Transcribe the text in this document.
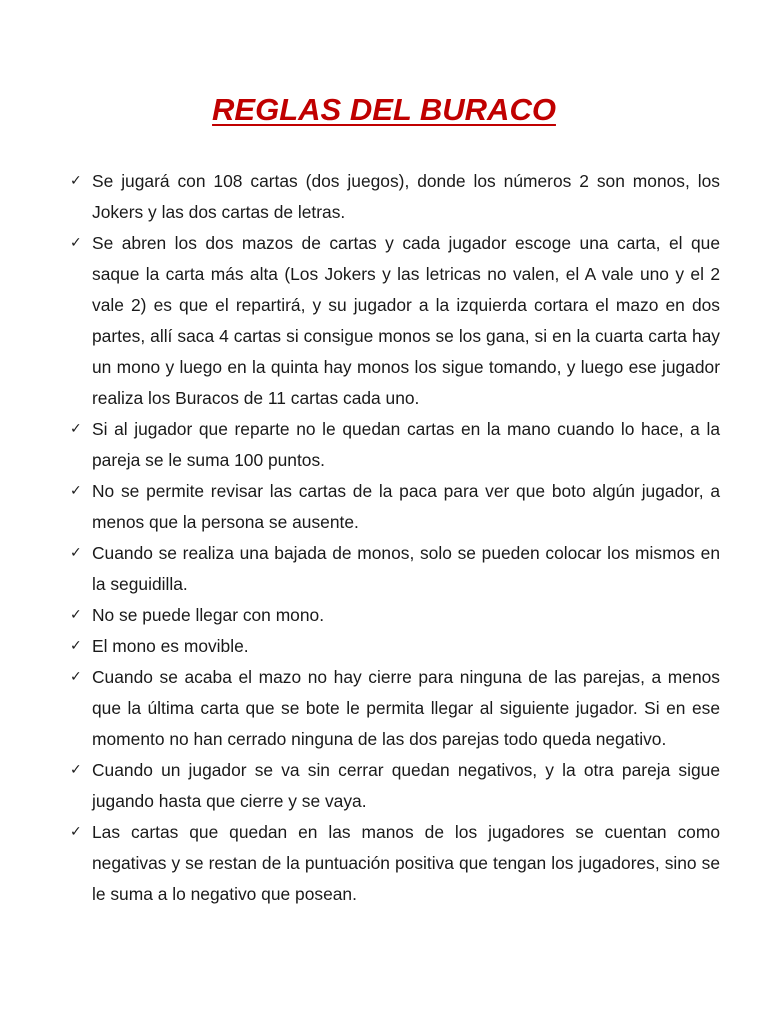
REGLAS DEL BURACO
✓ Se jugará con 108 cartas (dos juegos), donde los números 2 son monos, los Jokers y las dos cartas de letras.
✓ Se abren los dos mazos de cartas y cada jugador escoge una carta, el que saque la carta más alta (Los Jokers y las letricas no valen, el A vale uno y el 2 vale 2) es que el repartirá, y su jugador a la izquierda cortara el mazo en dos partes, allí saca 4 cartas si consigue monos se los gana, si en la cuarta carta hay un mono y luego en la quinta hay monos los sigue tomando, y luego ese jugador realiza los Buracos de 11 cartas cada uno.
✓ Si al jugador que reparte no le quedan cartas en la mano cuando lo hace, a la pareja se le suma 100 puntos.
✓ No se permite revisar las cartas de la paca para ver que boto algún jugador, a menos que la persona se ausente.
✓ Cuando se realiza una bajada de monos, solo se pueden colocar los mismos en la seguidilla.
✓ No se puede llegar con mono.
✓ El mono es movible.
✓ Cuando se acaba el mazo no hay cierre para ninguna de las parejas, a menos que la última carta que se bote le permita llegar al siguiente jugador. Si en ese momento no han cerrado ninguna de las dos parejas todo queda negativo.
✓ Cuando un jugador se va sin cerrar quedan negativos, y la otra pareja sigue jugando hasta que cierre y se vaya.
✓ Las cartas que quedan en las manos de los jugadores se cuentan como negativas y se restan de la puntuación positiva que tengan los jugadores, sino se le suma a lo negativo que posean.
